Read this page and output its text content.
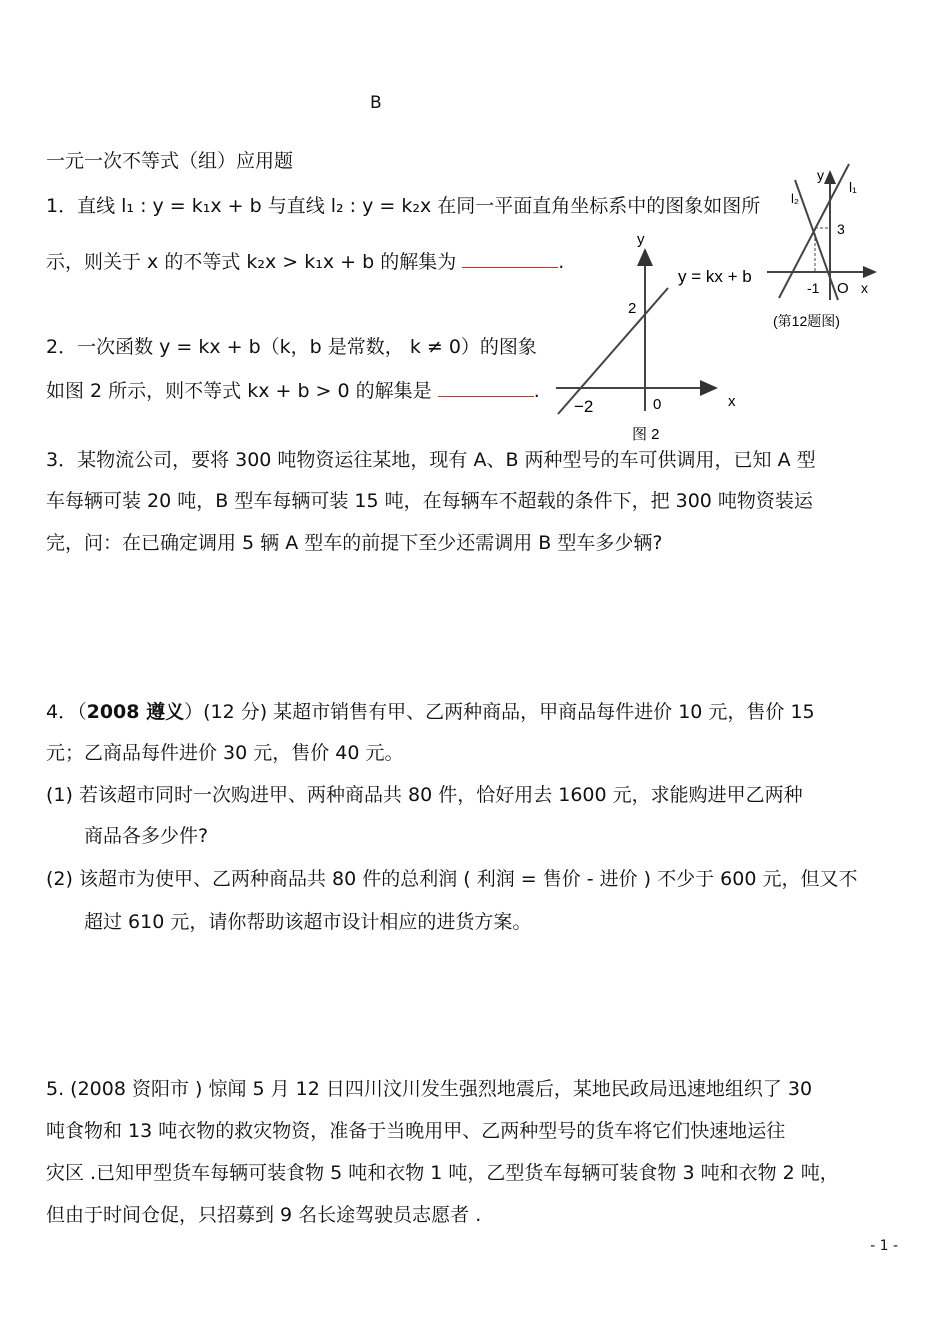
B
一元一次不等式（组）应用题
1．直线 l₁ : y = k₁x + b 与直线 l₂ : y = k₂x 在同一平面直角坐标系中的图象如图所
示，则关于 x 的不等式 k₂x > k₁x + b 的解集为	.
2．一次函数 y = kx + b（k，b 是常数， k ≠ 0）的图象
如图 2 所示，则不等式 kx + b > 0 的解集是	.
y
x
y = kx + b
2
−2	0
图 2
y
l₁
l₂
3
-1 O x
(第12题图)
3．某物流公司，要将 300 吨物资运往某地，现有 A、B 两种型号的车可供调用，已知 A 型
车每辆可装 20 吨，B 型车每辆可装 15 吨，在每辆车不超载的条件下，把 300 吨物资装运
完，问：在已确定调用 5 辆 A 型车的前提下至少还需调用 B 型车多少辆?
4．（2008 遵义）(12 分) 某超市销售有甲、乙两种商品，甲商品每件进价 10 元，售价 15
元；乙商品每件进价 30 元，售价 40 元。
(1) 若该超市同时一次购进甲、两种商品共 80 件，恰好用去 1600 元，求能购进甲乙两种
商品各多少件?
(2) 该超市为使甲、乙两种商品共 80 件的总利润 ( 利润 = 售价 - 进价 ) 不少于 600 元，但又不
超过 610 元，请你帮助该超市设计相应的进货方案。
5. (2008 资阳市 ) 惊闻 5 月 12 日四川汶川发生强烈地震后，某地民政局迅速地组织了 30
吨食物和 13 吨衣物的救灾物资，准备于当晚用甲、乙两种型号的货车将它们快速地运往
灾区 .已知甲型货车每辆可装食物 5 吨和衣物 1 吨，乙型货车每辆可装食物 3 吨和衣物 2 吨，
但由于时间仓促，只招募到 9 名长途驾驶员志愿者 .
- 1 -
